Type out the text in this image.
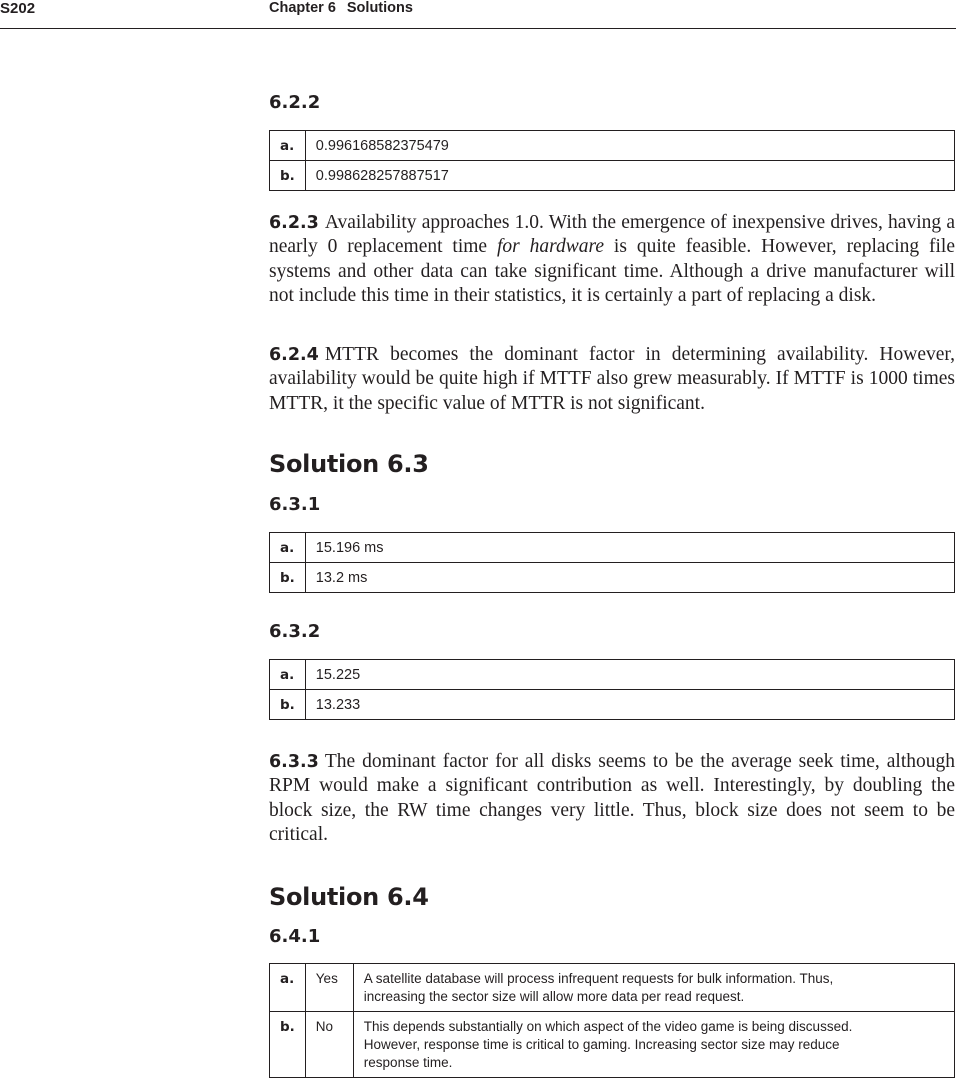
S202	Chapter 6 Solutions
6.2.2
a.	0.996168582375479
b.	0.998628257887517

6.2.3 Availability approaches 1.0. With the emergence of inexpensive drives, having a nearly 0 replacement time for hardware is quite feasible. However, replacing file systems and other data can take significant time. Although a drive manufacturer will not include this time in their statistics, it is certainly a part of replacing a disk.

6.2.4 MTTR becomes the dominant factor in determining availability. However, availability would be quite high if MTTF also grew measurably. If MTTF is 1000 times MTTR, it the specific value of MTTR is not significant.

Solution 6.3
6.3.1
a.	15.196 ms
b.	13.2 ms
6.3.2
a.	15.225
b.	13.233

6.3.3 The dominant factor for all disks seems to be the average seek time, although RPM would make a significant contribution as well. Interestingly, by doubling the block size, the RW time changes very little. Thus, block size does not seem to be critical.

Solution 6.4
6.4.1
a.	Yes	A satellite database will process infrequent requests for bulk information. Thus,
increasing the sector size will allow more data per read request.

b.	No	This depends substantially on which aspect of the video game is being discussed.
However, response time is critical to gaming. Increasing sector size may reduce
response time.
